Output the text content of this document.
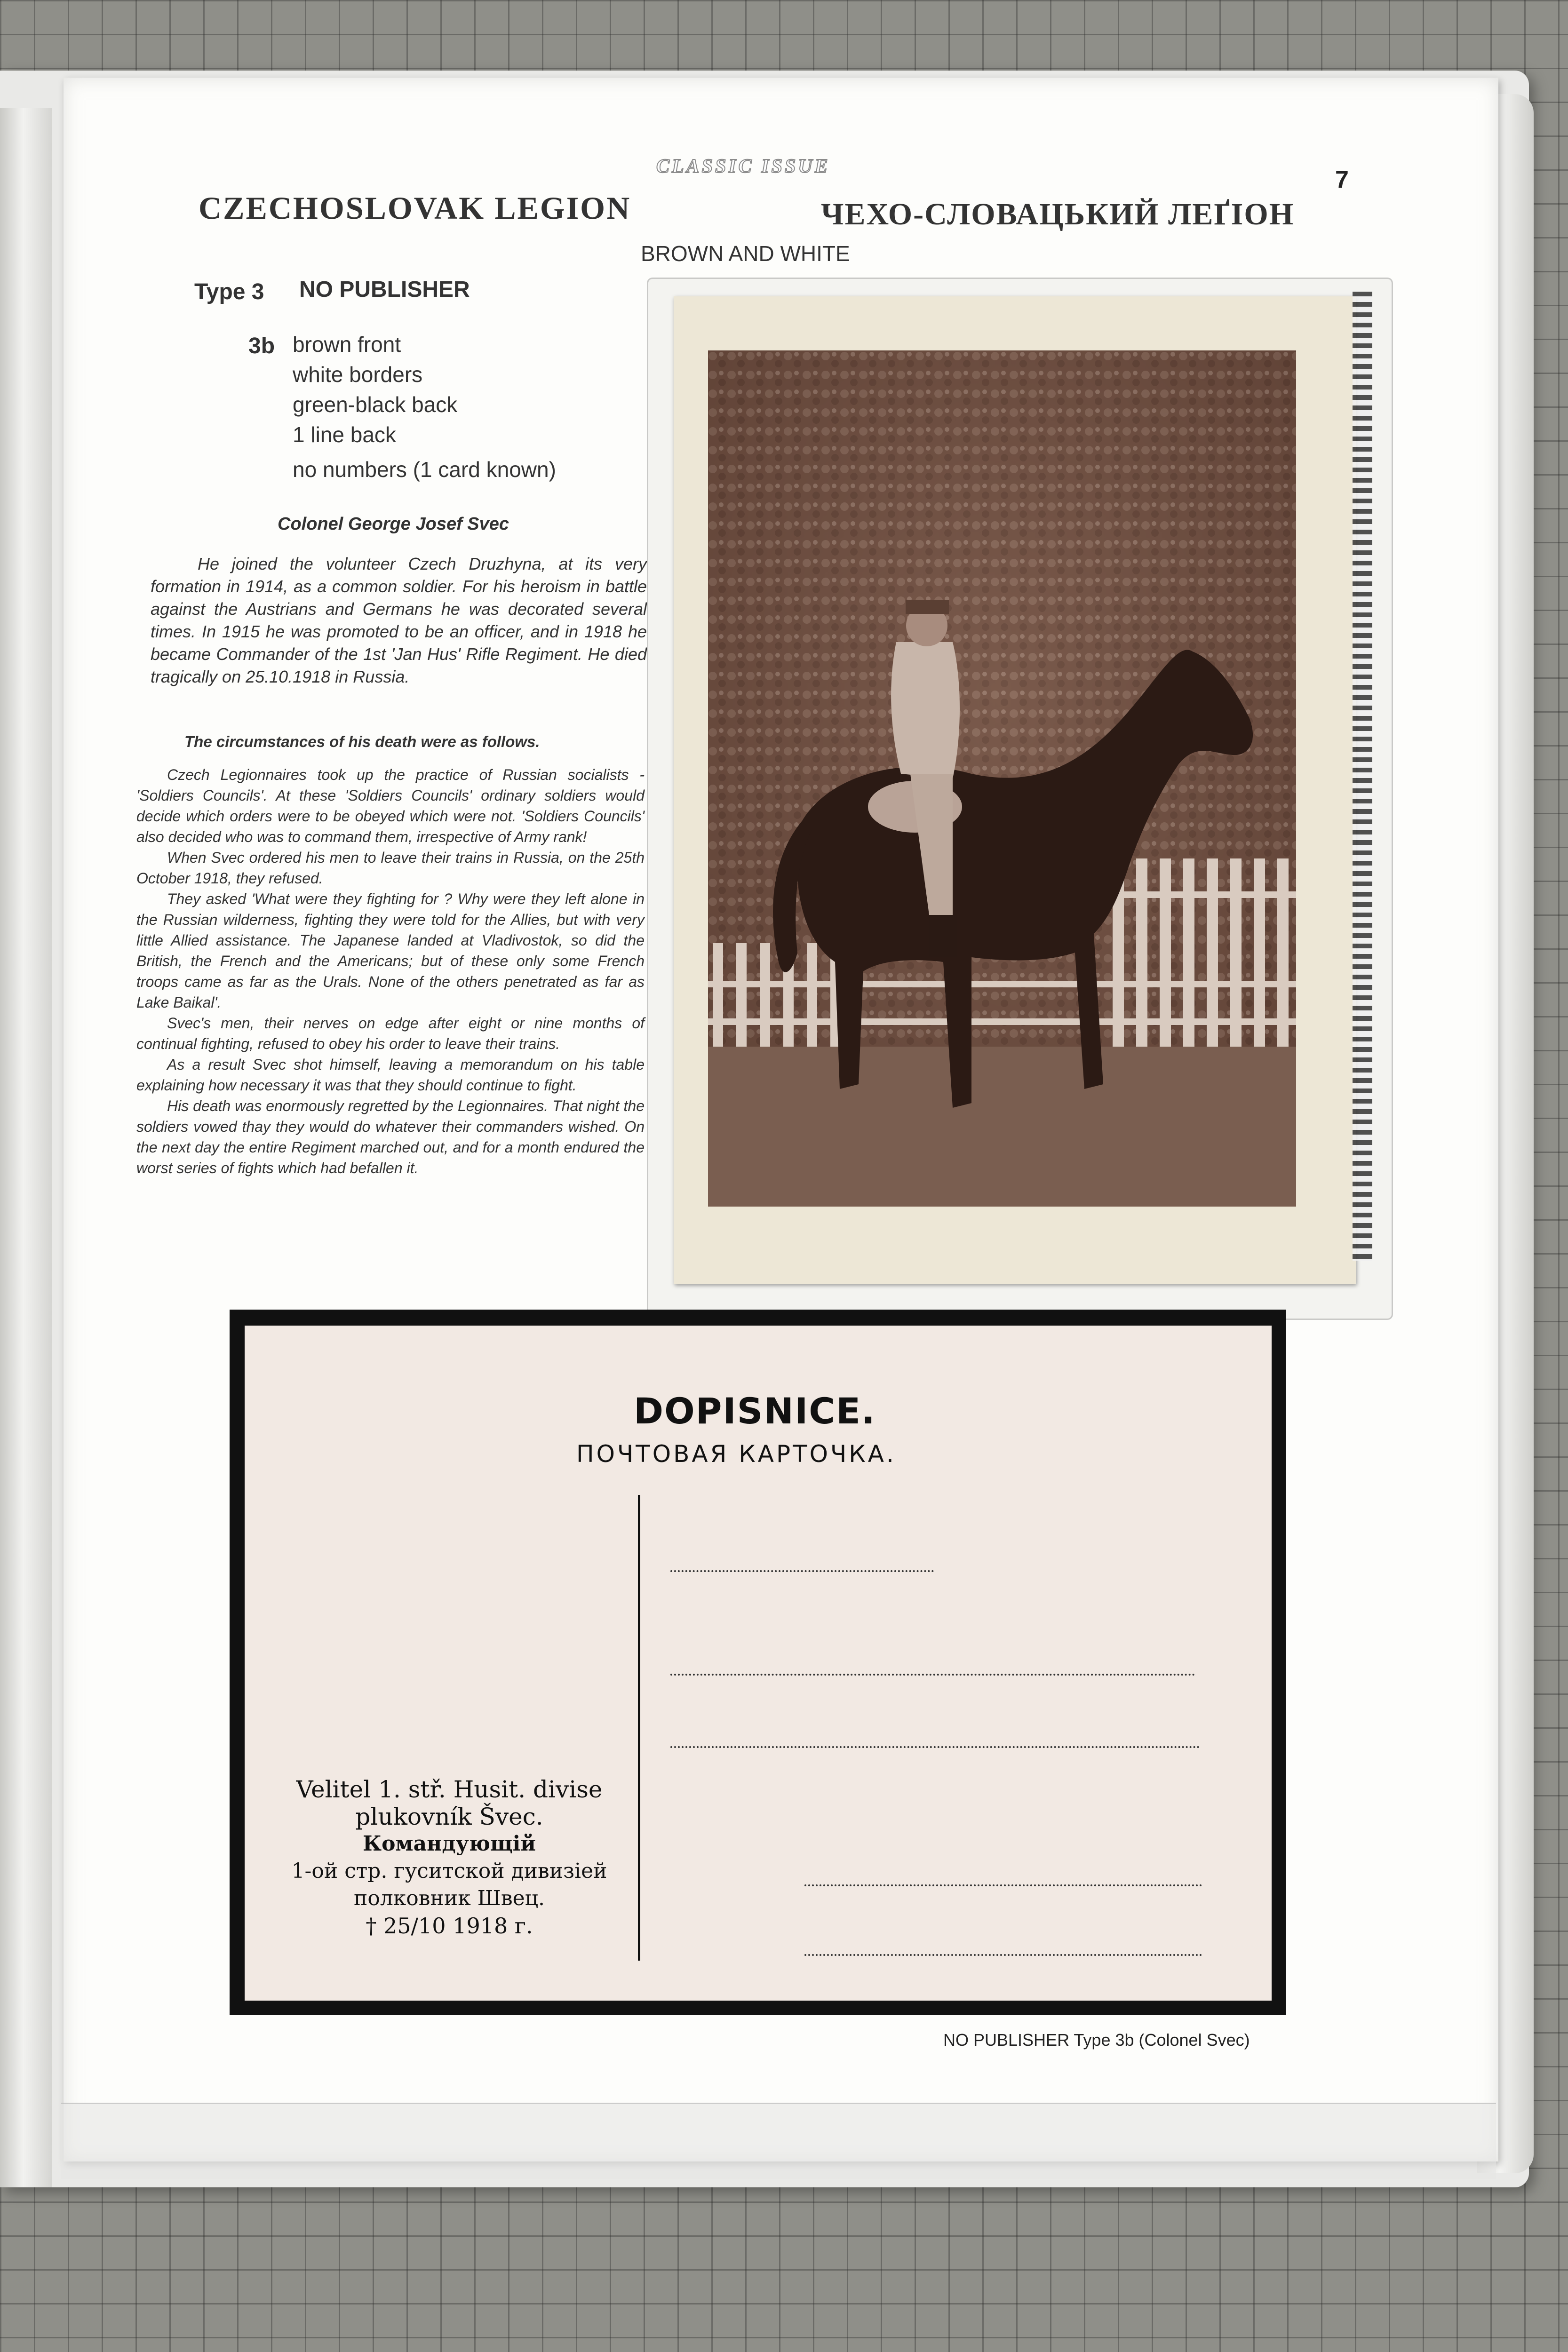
CLASSIC ISSUE	7
CZECHOSLOVAK LEGION	ЧЕХО-СЛОВАЦЬКИЙ ЛЕҐІОН
BROWN AND WHITE
Type 3 NO PUBLISHER
3b brown front
white borders
green-black back
1 line back
no numbers (1 card known)
Colonel George Josef Svec
He joined the volunteer Czech Druzhyna, at its very formation in 1914, as a common soldier. For his heroism in battle against the Austrians and Germans he was decorated several times. In 1915 he was promoted to be an officer, and in 1918 he became Commander of the 1st 'Jan Hus' Rifle Regiment. He died tragically on 25.10.1918 in Russia.
The circumstances of his death were as follows.

Czech Legionnaires took up the practice of Russian socialists - 'Soldiers Councils'. At these 'Soldiers Councils' ordinary soldiers would decide which orders were to be obeyed which were not. 'Soldiers Councils' also decided who was to command them, irrespective of Army rank!

When Svec ordered his men to leave their trains in Russia, on the 25th October 1918, they refused.

They asked 'What were they fighting for ? Why were they left alone in the Russian wilderness, fighting they were told for the Allies, but with very little Allied assistance. The Japanese landed at Vladivostok, so did the British, the French and the Americans; but of these only some French troops came as far as the Urals. None of the others penetrated as far as Lake Baikal'.

Svec's men, their nerves on edge after eight or nine months of continual fighting, refused to obey his order to leave their trains.

As a result Svec shot himself, leaving a memorandum on his table explaining how necessary it was that they should continue to fight.

His death was enormously regretted by the Legionnaires. That night the soldiers vowed thay they would do whatever their commanders wished. On the next day the entire Regiment marched out, and for a month endured the worst series of fights which had befallen it.

DOPISNICE.
ПОЧТОВАЯ КАРТОЧКА.
Velitel 1. stř. Husit. divise
plukovník Švec.
Командующій
1-ой стр. гуситской дивизіей
полковник Швец.
† 25/10 1918 г.
NO PUBLISHER Type 3b (Colonel Svec)
